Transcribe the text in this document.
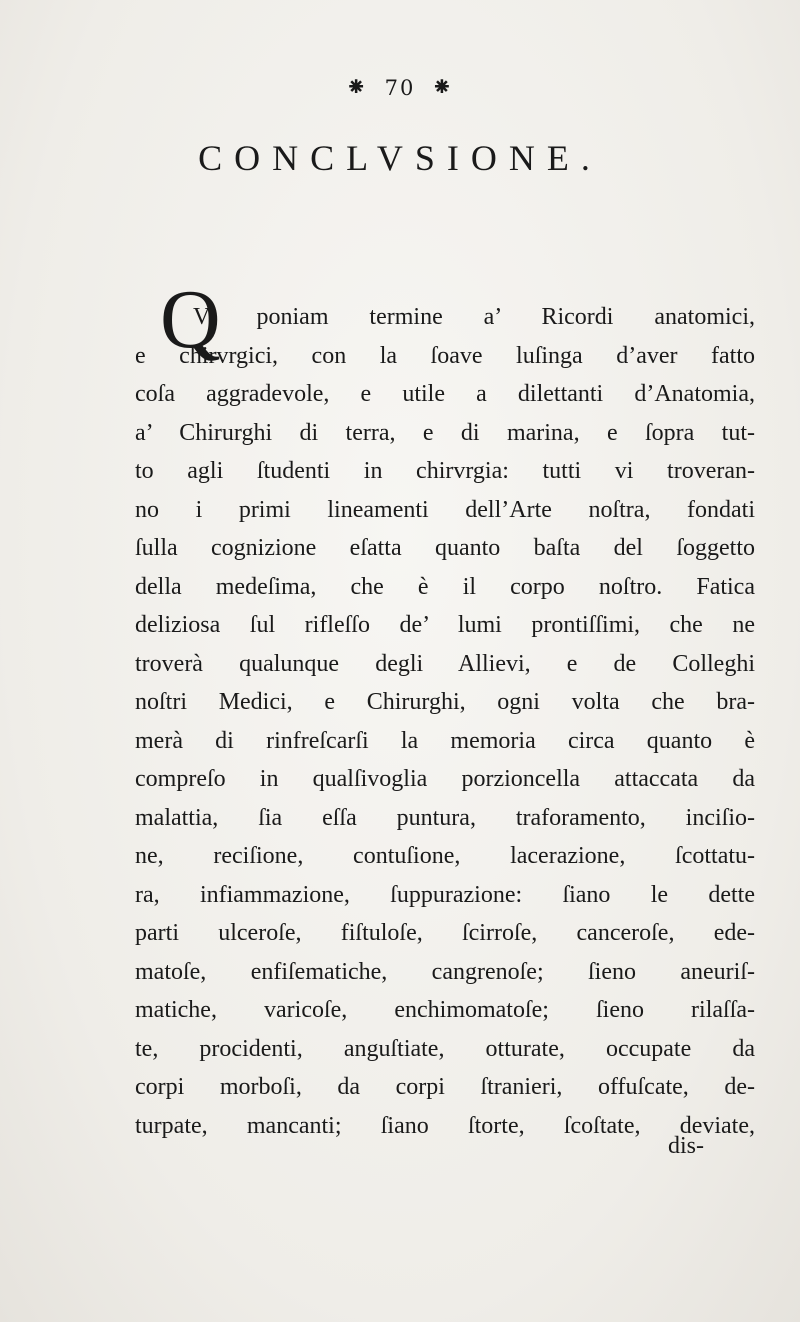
⁕ 70 ⁕
CONCLVSIONE.
Q
Vi poniam termine a’ Ricordi anatomici,
e chirvrgici, con la ſoave luſinga d’aver fatto
coſa aggradevole, e utile a dilettanti d’Anatomia,
a’ Chirurghi di terra, e di marina, e ſopra tut-
to agli ſtudenti in chirvrgia: tutti vi troveran-
no i primi lineamenti dell’Arte noſtra, fondati
ſulla cognizione eſatta quanto baſta del ſoggetto
della medeſima, che è il corpo noſtro. Fatica
deliziosa ſul rifleſſo de’ lumi prontiſſimi, che ne
troverà qualunque degli Allievi, e de Colleghi
noſtri Medici, e Chirurghi, ogni volta che bra-
merà di rinfreſcarſi la memoria circa quanto è
compreſo in qualſivoglia porzioncella attaccata da
malattia, ſia eſſa puntura, traforamento, inciſio-
ne, reciſione, contuſione, lacerazione, ſcottatu-
ra, infiammazione, ſuppurazione: ſiano le dette
parti ulceroſe, fiſtuloſe, ſcirroſe, canceroſe, ede-
matoſe, enfiſematiche, cangrenoſe; ſieno aneuriſ-
matiche, varicoſe, enchimomatoſe; ſieno rilaſſa-
te, procidenti, anguſtiate, otturate, occupate da
corpi morboſi, da corpi ſtranieri, offuſcate, de-
turpate, mancanti; ſiano ſtorte, ſcoſtate, deviate,
dis-
